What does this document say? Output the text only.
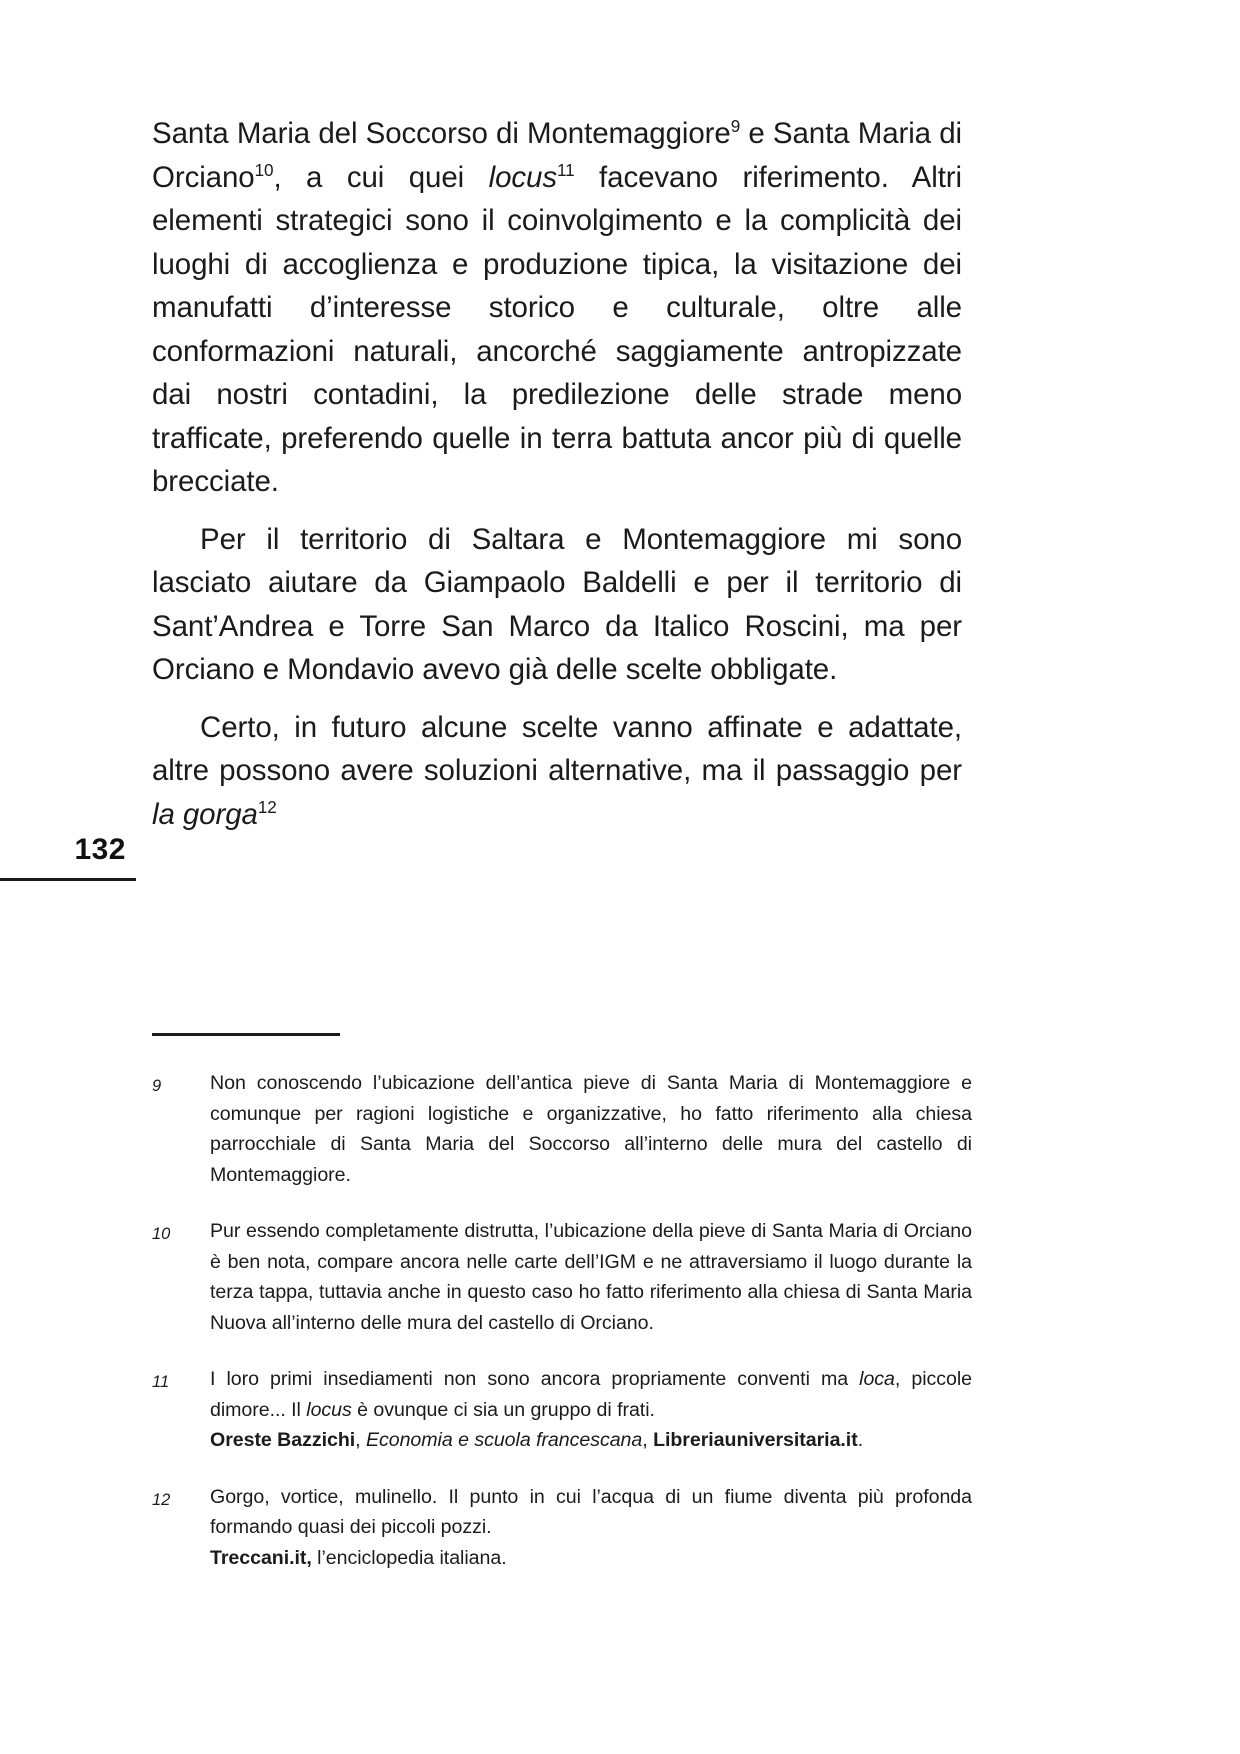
Santa Maria del Soccorso di Montemaggiore$^9$ e Santa Maria di Orciano$^{10}$, a cui quei locus$^{11}$ facevano riferimento. Altri elementi strategici sono il coinvolgimento e la complicità dei luoghi di accoglienza e produzione tipica, la visitazione dei manufatti d’interesse storico e culturale, oltre alle conformazioni naturali, ancorché saggiamente antropizzate dai nostri contadini, la predilezione delle strade meno trafficate, preferendo quelle in terra battuta ancor più di quelle brecciate.

Per il territorio di Saltara e Montemaggiore mi sono lasciato aiutare da Giampaolo Baldelli e per il territorio di Sant’Andrea e Torre San Marco da Italico Roscini, ma per Orciano e Mondavio avevo già delle scelte obbligate.

Certo, in futuro alcune scelte vanno affinate e adattate, altre possono avere soluzioni alternative, ma il passaggio per la gorga$^{12}$

132
9	Non conoscendo l’ubicazione dell’antica pieve di Santa Maria di Montemaggiore e comunque per ragioni logistiche e organizzative, ho fatto riferimento alla chiesa parrocchiale di Santa Maria del Soccorso all’interno delle mura del castello di Montemaggiore.
10	Pur essendo completamente distrutta, l’ubicazione della pieve di Santa Maria di Orciano è ben nota, compare ancora nelle carte dell’IGM e ne attraversiamo il luogo durante la terza tappa, tuttavia anche in questo caso ho fatto riferimento alla chiesa di Santa Maria Nuova all’interno delle mura del castello di Orciano.
11	I loro primi insediamenti non sono ancora propriamente conventi ma loca, piccole dimore... Il locus è ovunque ci sia un gruppo di frati.
Oreste Bazzichi, Economia e scuola francescana, Libreriauniversitaria.it.
12	Gorgo, vortice, mulinello. Il punto in cui l’acqua di un fiume diventa più profonda formando quasi dei piccoli pozzi.
Treccani.it, l’enciclopedia italiana.
